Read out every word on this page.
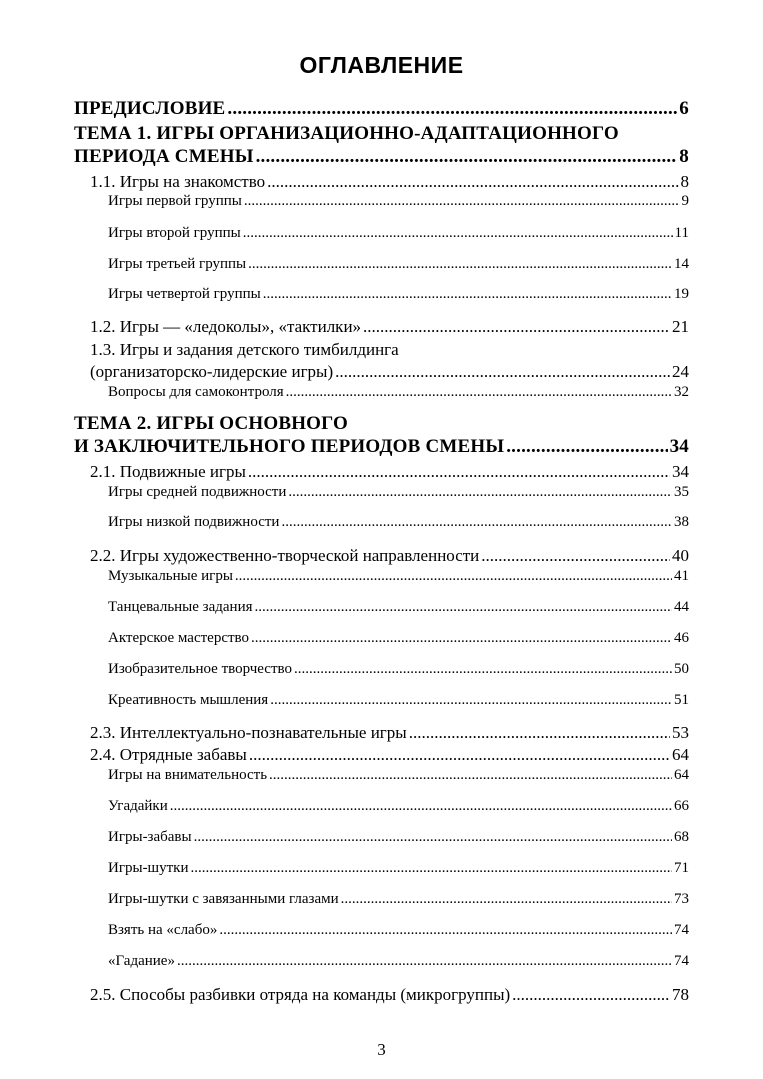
ОГЛАВЛЕНИЕ
ПРЕДИСЛОВИЕ .....	6
ТЕМА 1. ИГРЫ ОРГАНИЗАЦИОННО-АДАПТАЦИОННОГО
ПЕРИОДА СМЕНЫ .....	8
1.1. Игры на знакомство .....	8
Игры первой группы .....	9
Игры второй группы .....	11
Игры третьей группы .....	14
Игры четвертой группы .....	19
1.2. Игры — «ледоколы», «тактилки» .....	21
1.3. Игры и задания детского тимбилдинга
(организаторско-лидерские игры) .....	24
Вопросы для самоконтроля .....	32
ТЕМА 2. ИГРЫ ОСНОВНОГО
И ЗАКЛЮЧИТЕЛЬНОГО ПЕРИОДОВ СМЕНЫ .....	34
2.1. Подвижные игры .....	34
Игры средней подвижности .....	35
Игры низкой подвижности .....	38
2.2. Игры художественно-творческой направленности .....	40
Музыкальные игры .....	41
Танцевальные задания .....	44
Актерское мастерство .....	46
Изобразительное творчество .....	50
Креативность мышления .....	51
2.3. Интеллектуально-познавательные игры .....	53
2.4. Отрядные забавы .....	64
Игры на внимательность .....	64
Угадайки .....	66
Игры-забавы .....	68
Игры-шутки .....	71
Игры-шутки с завязанными глазами .....	73
Взять на «слабо» .....	74
«Гадание» .....	74
2.5. Способы разбивки отряда на команды (микрогруппы) .....	78
3
